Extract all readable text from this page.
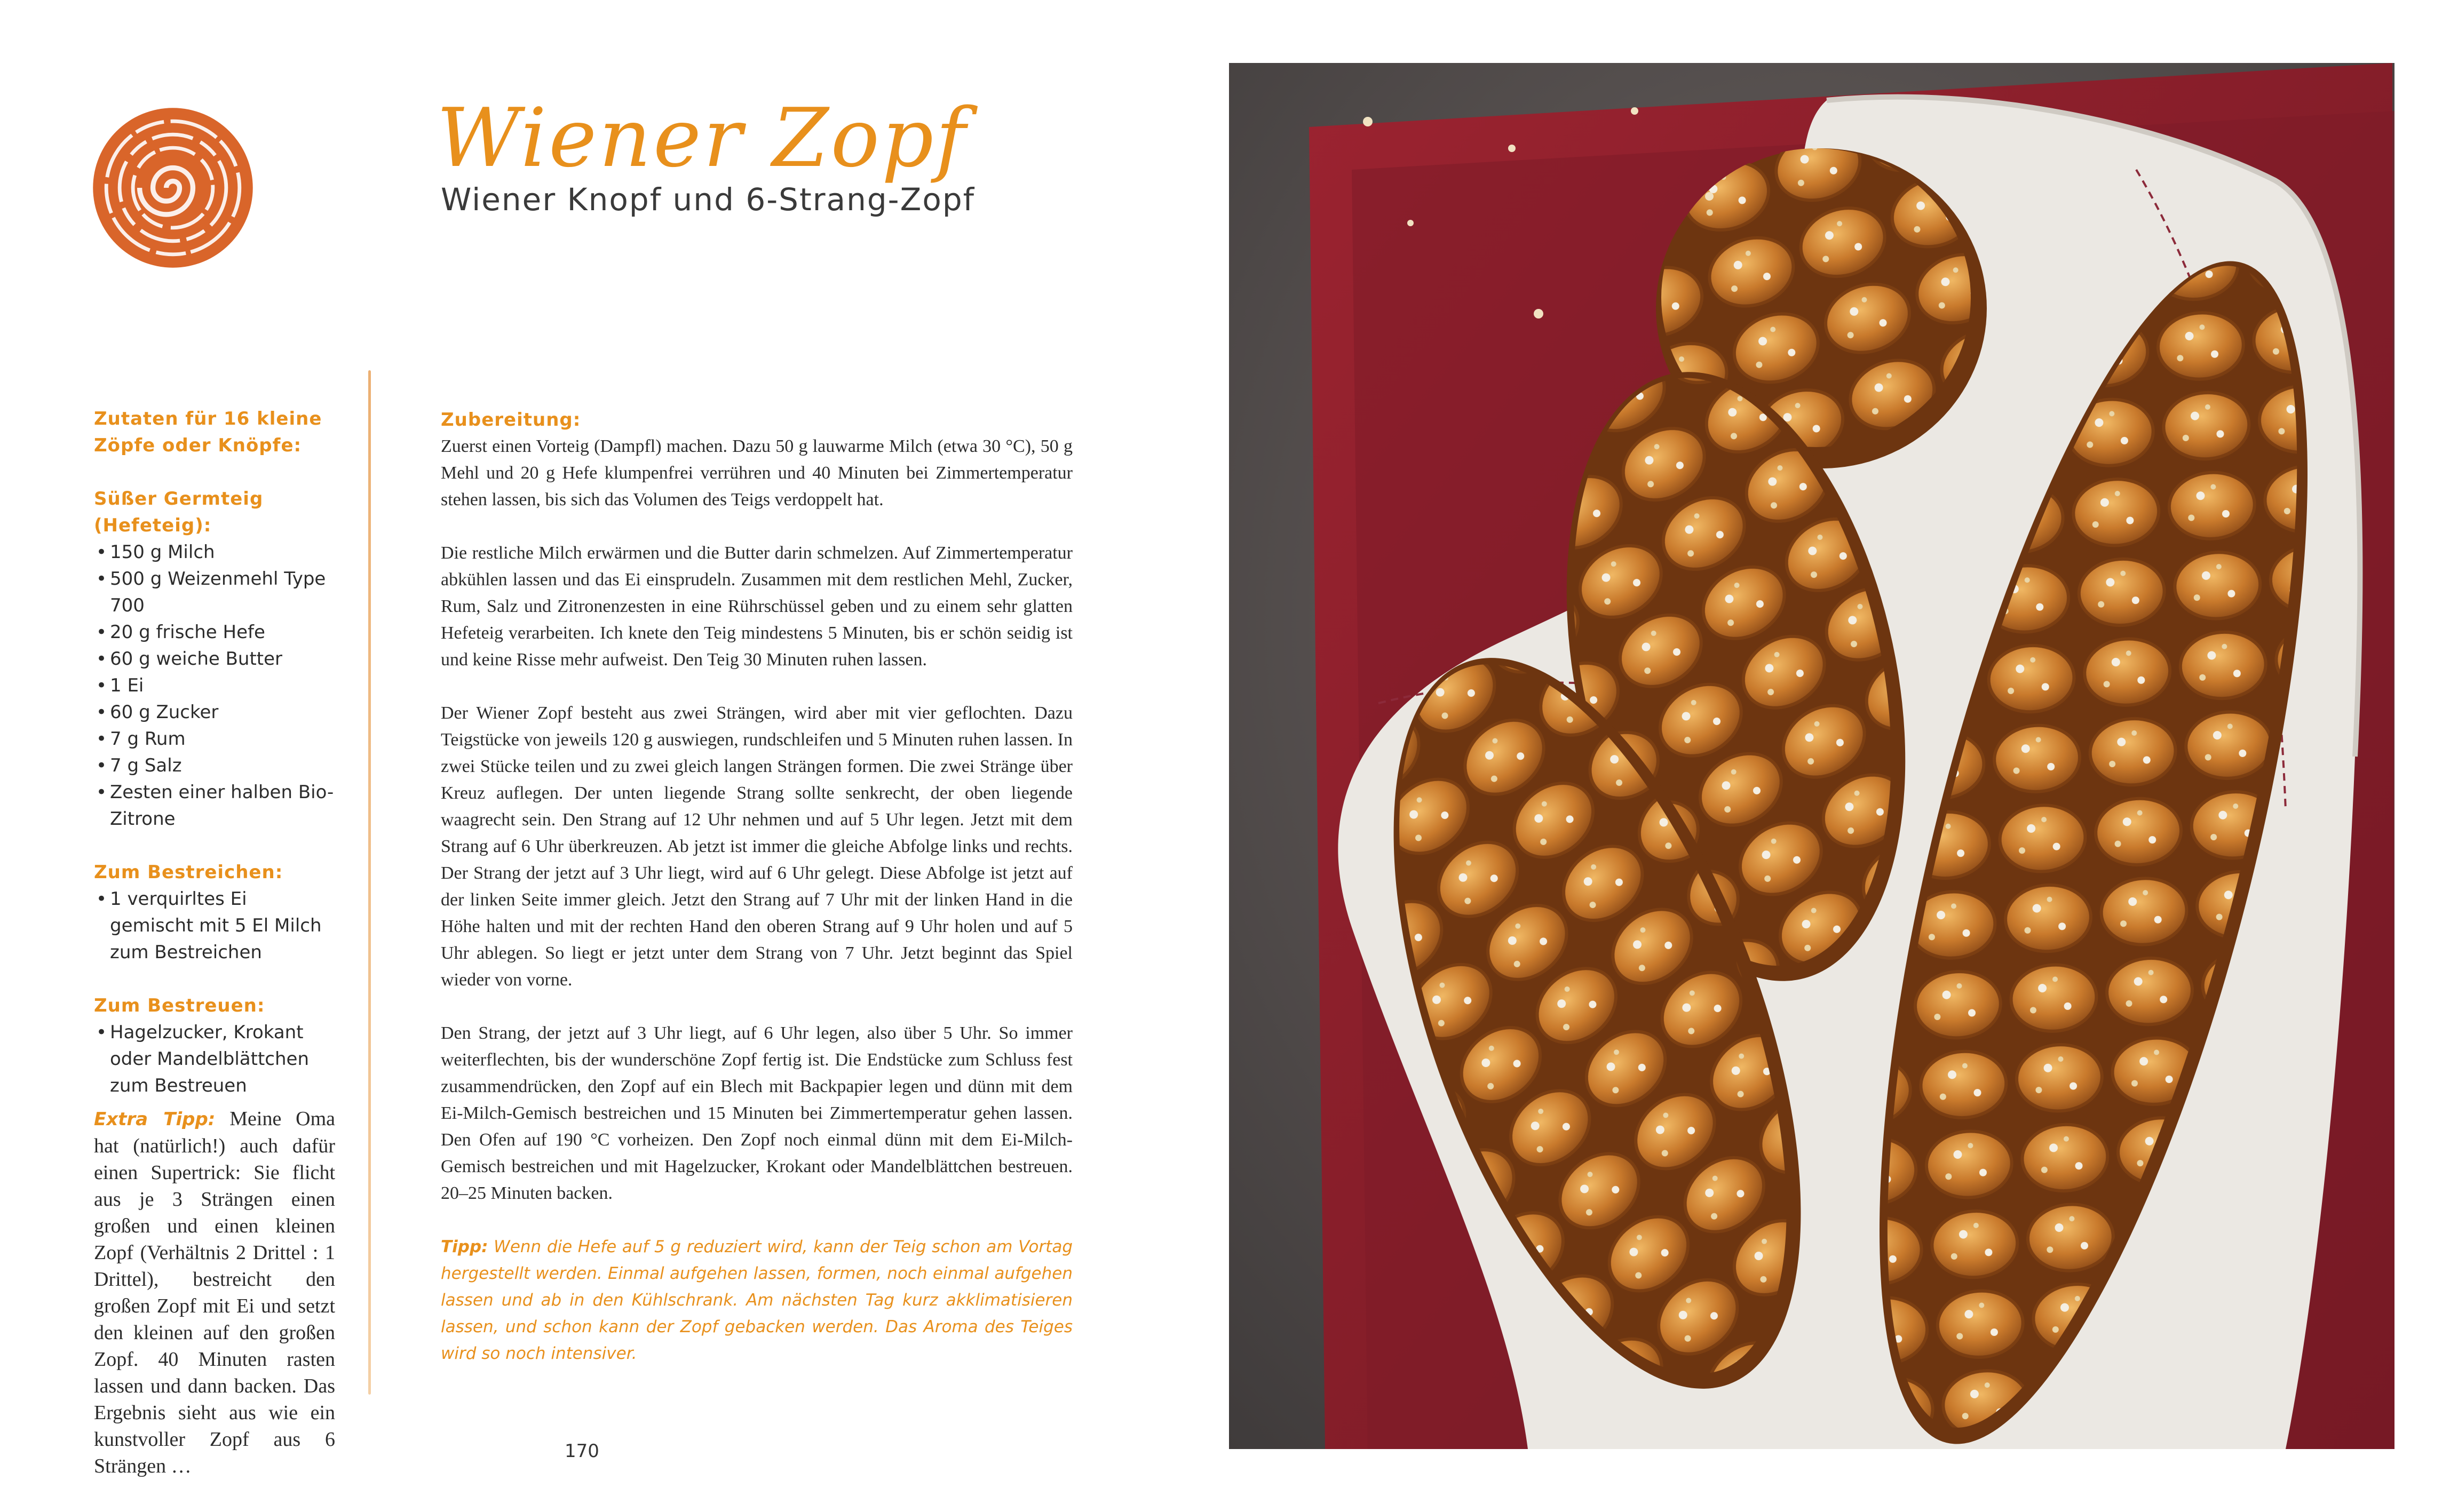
Wiener Zopf
Wiener Knopf und 6-Strang-Zopf
Zutaten für 16 kleine Zöpfe oder Knöpfe:
Süßer Germteig (Hefeteig):
• 150 g Milch
• 500 g Weizenmehl Type 700
• 20 g frische Hefe
• 60 g weiche Butter
• 1 Ei
• 60 g Zucker
• 7 g Rum
• 7 g Salz
• Zesten einer halben Bio-Zitrone
Zum Bestreichen:
• 1 verquirltes Ei gemischt mit 5 El Milch zum Bestreichen
Zum Bestreuen:
• Hagelzucker, Krokant oder Mandelblättchen zum Bestreuen
Extra Tipp: Meine Oma hat (natürlich!) auch dafür einen Supertrick: Sie flicht aus je 3 Strängen einen großen und einen kleinen Zopf (Verhältnis 2 Drittel : 1 Drittel), bestreicht den großen Zopf mit Ei und setzt den kleinen auf den großen Zopf. 40 Minuten rasten lassen und dann backen. Das Ergebnis sieht aus wie ein kunstvoller Zopf aus 6 Strängen …
Zubereitung:

Zuerst einen Vorteig (Dampfl) machen. Dazu 50 g lauwarme Milch (etwa 30 °C), 50 g Mehl und 20 g Hefe klumpenfrei verrühren und 40 Minuten bei Zimmertemperatur stehen lassen, bis sich das Volumen des Teigs verdoppelt hat.

Die restliche Milch erwärmen und die Butter darin schmelzen. Auf Zimmertemperatur abkühlen lassen und das Ei einsprudeln. Zusammen mit dem restlichen Mehl, Zucker, Rum, Salz und Zitronenzesten in eine Rührschüssel geben und zu einem sehr glatten Hefeteig verarbeiten. Ich knete den Teig mindestens 5 Minuten, bis er schön seidig ist und keine Risse mehr aufweist. Den Teig 30 Minuten ruhen lassen.

Der Wiener Zopf besteht aus zwei Strängen, wird aber mit vier geflochten. Dazu Teigstücke von jeweils 120 g auswiegen, rundschleifen und 5 Minuten ruhen lassen. In zwei Stücke teilen und zu zwei gleich langen Strängen formen. Die zwei Stränge über Kreuz auflegen. Der unten liegende Strang sollte senkrecht, der oben liegende waagrecht sein. Den Strang auf 12 Uhr nehmen und auf 5 Uhr legen. Jetzt mit dem Strang auf 6 Uhr überkreuzen. Ab jetzt ist immer die gleiche Abfolge links und rechts. Der Strang der jetzt auf 3 Uhr liegt, wird auf 6 Uhr gelegt. Diese Abfolge ist jetzt auf der linken Seite immer gleich. Jetzt den Strang auf 7 Uhr mit der linken Hand in die Höhe halten und mit der rechten Hand den oberen Strang auf 9 Uhr holen und auf 5 Uhr ablegen. So liegt er jetzt unter dem Strang von 7 Uhr. Jetzt beginnt das Spiel wieder von vorne.

Den Strang, der jetzt auf 3 Uhr liegt, auf 6 Uhr legen, also über 5 Uhr. So immer weiterflechten, bis der wunderschöne Zopf fertig ist. Die Endstücke zum Schluss fest zusammendrücken, den Zopf auf ein Blech mit Backpapier legen und dünn mit dem Ei-Milch-Gemisch bestreichen und 15 Minuten bei Zimmertemperatur gehen lassen. Den Ofen auf 190 °C vorheizen. Den Zopf noch einmal dünn mit dem Ei-Milch-Gemisch bestreichen und mit Hagelzucker, Krokant oder Mandelblättchen bestreuen. 20–25 Minuten backen.

Tipp: Wenn die Hefe auf 5 g reduziert wird, kann der Teig schon am Vortag hergestellt werden. Einmal aufgehen lassen, formen, noch einmal aufgehen lassen und ab in den Kühlschrank. Am nächsten Tag kurz akklimatisieren lassen, und schon kann der Zopf gebacken werden. Das Aroma des Teiges wird so noch intensiver.

170
